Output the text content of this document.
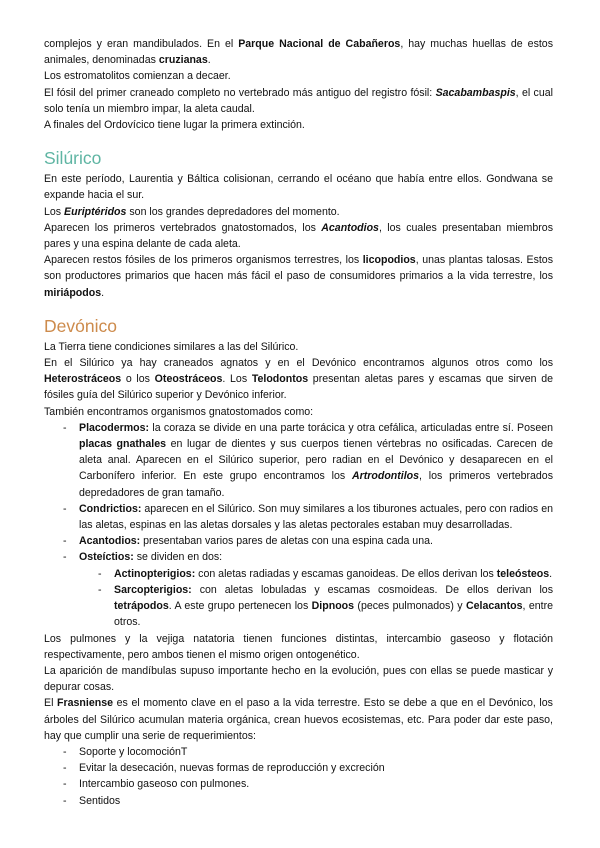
complejos y eran mandibulados. En el Parque Nacional de Cabañeros, hay muchas huellas de estos animales, denominadas cruzianas.

Los estromatolitos comienzan a decaer.

El fósil del primer craneado completo no vertebrado más antiguo del registro fósil: Sacabambaspis, el cual solo tenía un miembro impar, la aleta caudal.

A finales del Ordovícico tiene lugar la primera extinción.

Silúrico

En este período, Laurentia y Báltica colisionan, cerrando el océano que había entre ellos. Gondwana se expande hacia el sur.

Los Euriptéridos son los grandes depredadores del momento.

Aparecen los primeros vertebrados gnatostomados, los Acantodios, los cuales presentaban miembros pares y una espina delante de cada aleta.

Aparecen restos fósiles de los primeros organismos terrestres, los licopodios, unas plantas talosas. Estos son productores primarios que hacen más fácil el paso de consumidores primarios a la vida terrestre, los miriápodos.

Devónico

La Tierra tiene condiciones similares a las del Silúrico.

En el Silúrico ya hay craneados agnatos y en el Devónico encontramos algunos otros como los Heterostráceos o los Oteostráceos. Los Telodontos presentan aletas pares y escamas que sirven de fósiles guía del Silúrico superior y Devónico inferior.

También encontramos organismos gnatostomados como:

- Placodermos: la coraza se divide en una parte torácica y otra cefálica, articuladas entre sí. Poseen placas gnathales en lugar de dientes y sus cuerpos tienen vértebras no osificadas. Carecen de aleta anal. Aparecen en el Silúrico superior, pero radian en el Devónico y desaparecen en el Carbonífero inferior. En este grupo encontramos los Artrodontilos, los primeros vertebrados depredadores de gran tamaño.
- Condrictios: aparecen en el Silúrico. Son muy similares a los tiburones actuales, pero con radios en las aletas, espinas en las aletas dorsales y las aletas pectorales estaban muy desarrolladas.
- Acantodios: presentaban varios pares de aletas con una espina cada una.
- Osteíctios: se dividen en dos:
- Actinopterigios: con aletas radiadas y escamas ganoideas. De ellos derivan los teleósteos.
- Sarcopterigios: con aletas lobuladas y escamas cosmoideas. De ellos derivan los tetrápodos. A este grupo pertenecen los Dipnoos (peces pulmonados) y Celacantos, entre otros.

Los pulmones y la vejiga natatoria tienen funciones distintas, intercambio gaseoso y flotación respectivamente, pero ambos tienen el mismo origen ontogenético.

La aparición de mandíbulas supuso importante hecho en la evolución, pues con ellas se puede masticar y depurar cosas.

El Frasniense es el momento clave en el paso a la vida terrestre. Esto se debe a que en el Devónico, los árboles del Silúrico acumulan materia orgánica, crean huevos ecosistemas, etc. Para poder dar este paso, hay que cumplir una serie de requerimientos:

- Soporte y locomociónT
- Evitar la desecación, nuevas formas de reproducción y excreción
- Intercambio gaseoso con pulmones.
- Sentidos
